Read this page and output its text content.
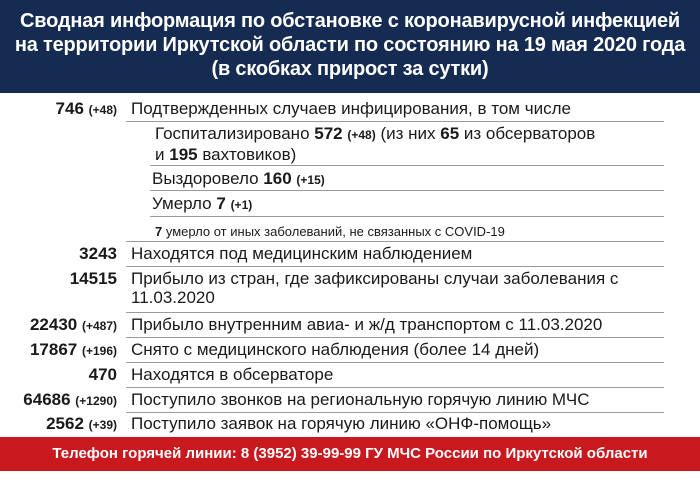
Сводная информация по обстановке с коронавирусной инфекцией
на территории Иркутской области по состоянию на 19 мая 2020 года
(в скобках прирост за сутки)
746 (+48) Подтвержденных случаев инфицирования, в том числе
Госпитализировано 572 (+48) (из них 65 из обсерваторов
и 195 вахтовиков)
Выздоровело 160 (+15)
Умерло 7 (+1)
7 умерло от иных заболеваний, не связанных с COVID-19
3243 Находятся под медицинским наблюдением
14515 Прибыло из стран, где зафиксированы случаи заболевания с
11.03.2020
22430 (+487) Прибыло внутренним авиа- и ж/д транспортом с 11.03.2020
17867 (+196) Снято с медицинского наблюдения (более 14 дней)
470 Находятся в обсерваторе
64686 (+1290) Поступило звонков на региональную горячую линию МЧС
2562 (+39) Поступило заявок на горячую линию «ОНФ-помощь»
Телефон горячей линии: 8 (3952) 39-99-99 ГУ МЧС России по Иркутской области
